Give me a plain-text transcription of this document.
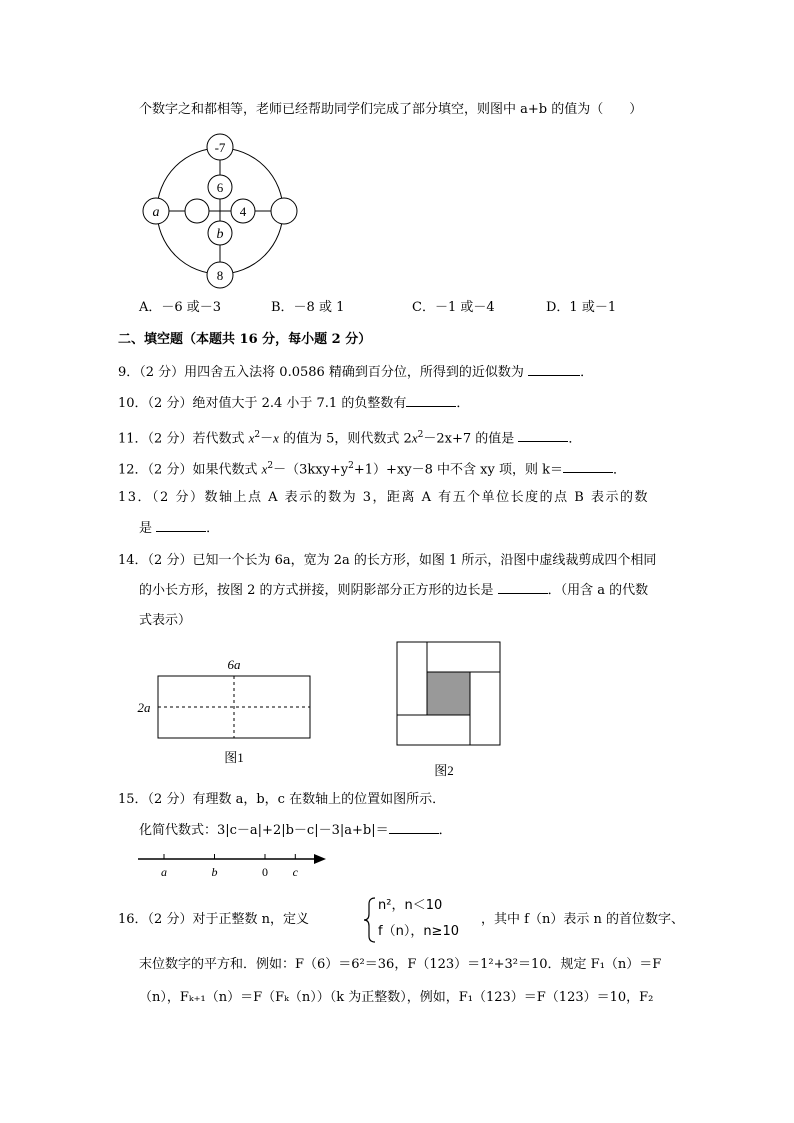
个数字之和都相等，老师已经帮助同学们完成了部分填空，则图中 a+b 的值为（　　）
-7
a
6
4
b
8
A．－6 或－3	B．－8 或 1	C．－1 或－4	D．1 或－1
二、填空题（本题共 16 分，每小题 2 分）
9．（2 分）用四舍五入法将 0.0586 精确到百分位，所得到的近似数为	．
10．（2 分）绝对值大于 2.4 小于 7.1 的负整数有	．
11．（2 分）若代数式 $x^2-x$ 的值为 5，则代数式 $2x^2-2x+7$ 的值是	．
12．（2 分）如果代数式 $x^2-(3kxy+y^2+1)+xy-8$ 中不含 xy 项，则 k＝	．
13．（2 分）数轴上点 A 表示的数为 3，距离 A 有五个单位长度的点 B 表示的数
是	．
14．（2 分）已知一个长为 6a，宽为 2a 的长方形，如图 1 所示，沿图中虚线裁剪成四个相同
的小长方形，按图 2 的方式拼接，则阴影部分正方形的边长是	．（用含 a 的代数
式表示）
6a
2a
图1
图2
15．（2 分）有理数 a，b，c 在数轴上的位置如图所示．
化简代数式：3|c－a|+2|b－c|－3|a+b|＝	．
a	b	0 c
16．（2 分）对于正整数 n，定义
n²，n＜10
f（n），n≥10
，其中 f（n）表示 n 的首位数字、
末位数字的平方和．例如：F（6）＝6²＝36，F（123）＝1²+3²＝10．规定 F₁（n）＝F
（n），Fₖ₊₁（n）＝F（Fₖ（n））（k 为正整数），例如，F₁（123）＝F（123）＝10，F₂
